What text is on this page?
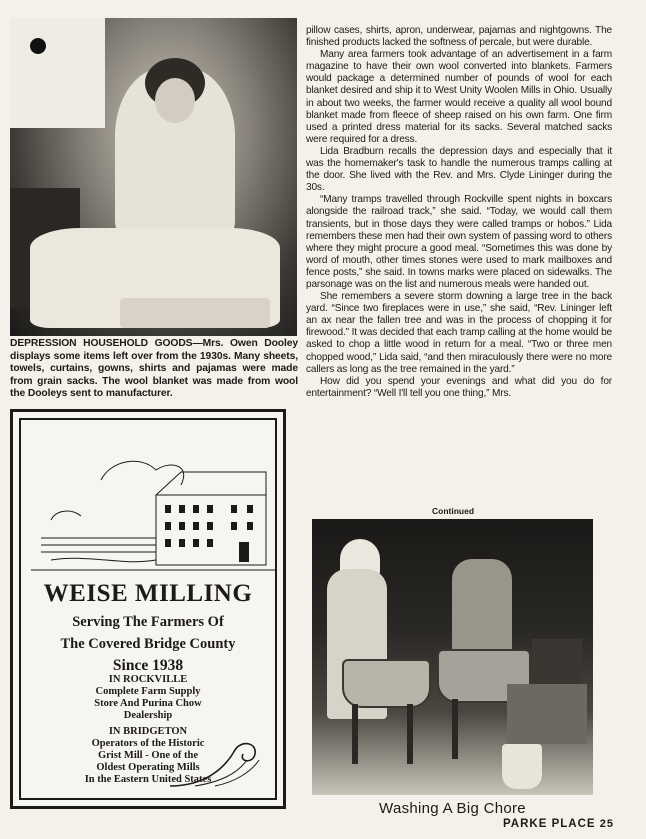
DEPRESSION HOUSEHOLD GOODS—Mrs. Owen Dooley displays some items left over from the 1930s. Many sheets, towels, curtains, gowns, shirts and pajamas were made from grain sacks. The wool blanket was made from wool the Dooleys sent to manufacturer.
WEISE MILLING
Serving The Farmers Of
The Covered Bridge County
Since 1938
IN ROCKVILLE
Complete Farm Supply
Store And Purina Chow
Dealership
IN BRIDGETON
Operators of the Historic
Grist Mill - One of the
Oldest Operating Mills
In the Eastern United States

pillow cases, shirts, apron, underwear, pajamas and nightgowns. The finished products lacked the softness of percale, but were durable.

Many area farmers took advantage of an advertisement in a farm magazine to have their own wool converted into blankets. Farmers would package a determined number of pounds of wool for each blanket desired and ship it to West Unity Woolen Mills in Ohio. Usually in about two weeks, the farmer would receive a quality all wool bound blanket made from fleece of sheep raised on his own farm. One firm used a printed dress material for its sacks. Several matched sacks were required for a dress.

Lida Bradburn recalls the depression days and especially that it was the homemaker's task to handle the numerous tramps calling at the door. She lived with the Rev. and Mrs. Clyde Lininger during the 30s.

“Many tramps travelled through Rockville spent nights in boxcars alongside the railroad track,” she said. “Today, we would call them transients, but in those days they were called tramps or hobos.” Lida remembers these men had their own system of passing word to others where they might procure a good meal. “Sometimes this was done by word of mouth, other times stones were used to mark mailboxes and fence posts,” she said. In towns marks were placed on sidewalks. The parsonage was on the list and numerous meals were handed out.

She remembers a severe storm downing a large tree in the back yard. “Since two fireplaces were in use,” she said, “Rev. Lininger left an ax near the fallen tree and was in the process of chopping it for firewood.” It was decided that each tramp calling at the home would be asked to chop a little wood in return for a meal. “Two or three men chopped wood,” Lida said, “and then miraculously there were no more callers as long as the tree remained in the yard.”

How did you spend your evenings and what did you do for entertainment? “Well I'll tell you one thing,” Mrs.

Continued
Washing A Big Chore
PARKE PLACE 25
